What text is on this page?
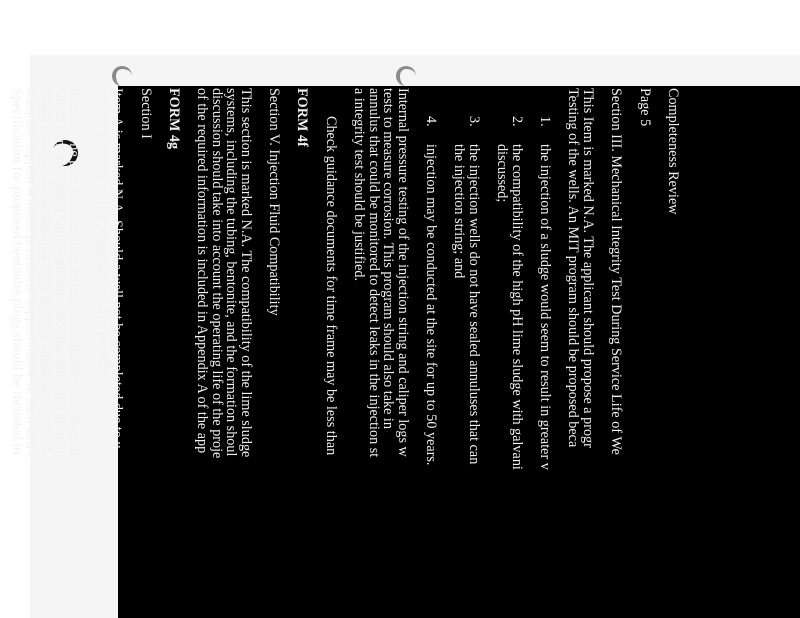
Completeness Review

Page 5

Section III. Mechanical Integrity Test During Service Life of We

This Item is marked N.A. The applicant should propose a progr

Testing of the wells. An MIT program should be proposed beca

1.the injection of a sludge would seem to result in greater v

2.the compatibility of the high pH lime sludge with galvani

discussed;

3.the injection wells do not have sealed annuluses that can

the injection string; and

4.injection may be conducted at the site for up to 50 years.

Internal pressure testing of the injection string and caliper logs w

tests to measure corrosion. This program should also take in

annulus that could be monitored to detect leaks in the injection st

a integrity test should be justified.

Check guidance documents for time frame may be less than

FORM 4f

Section V. Injection Fluid Compatibility

This section is marked N.A. The compatibility of the lime sludge

systems, including the tubing, bentonite, and the formation shoul

discussion should take into account the operating life of the proje

of the required information is included in Appendix A of the app

FORM 4g

Section I

Item A is marked N.A. Should a well not be completed due to u

on how the well will be plugged should be provided.

Item D. The plan indicates that an inflatable bladder will be used

which bentonite grout will be placed. Once the bentonite grout h

bladder will be discontinued and the bladder will deflate. Will th

adequate support without permanent support below it, such as a c

Specification for proposed bentonite plugs should be included in
